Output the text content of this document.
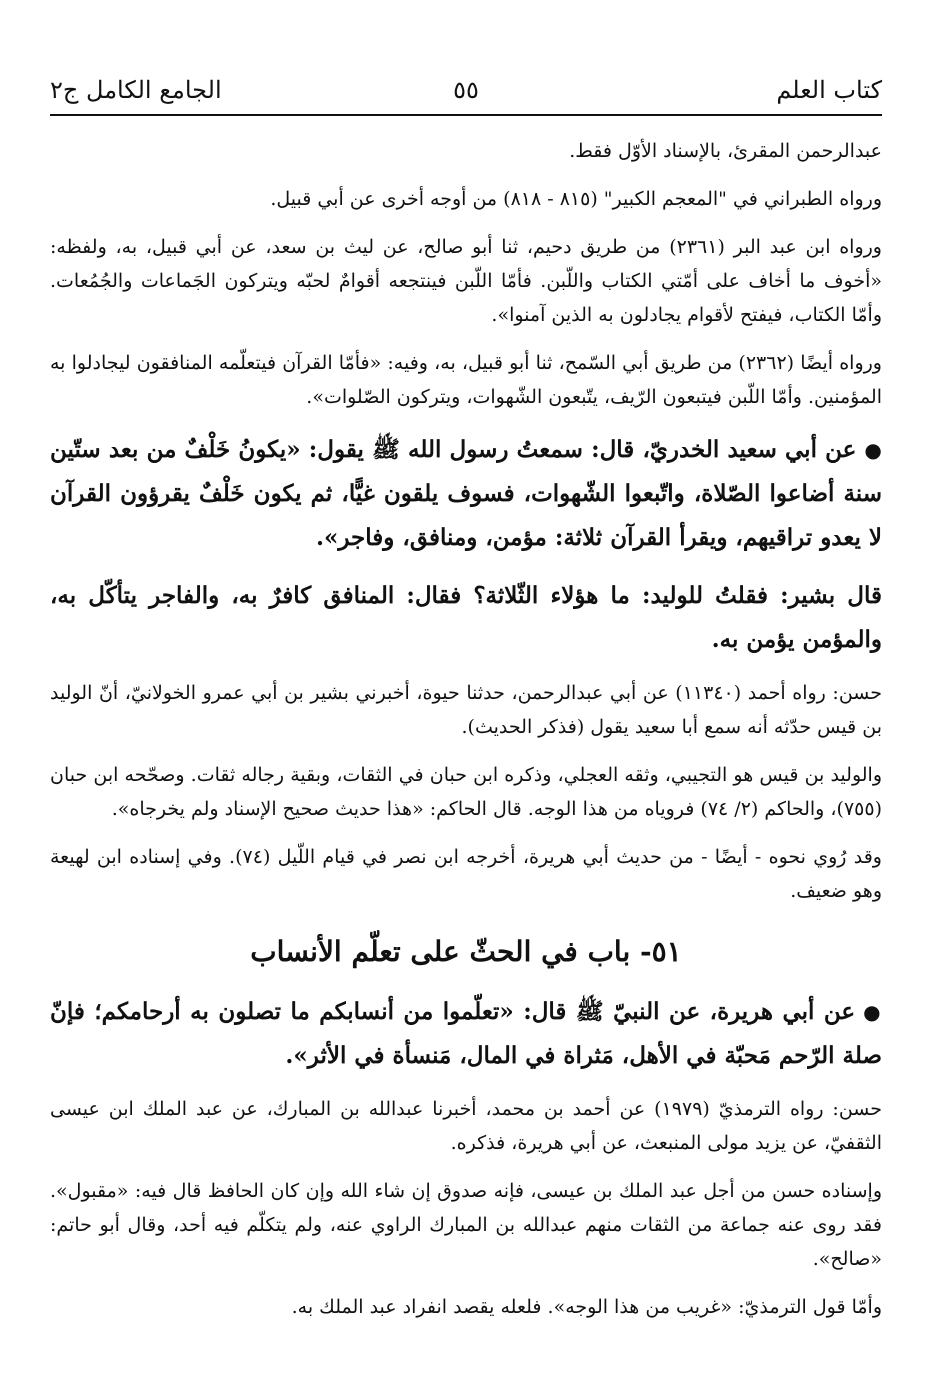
كتاب العلم
٥٥
الجامع الكامل ج٢
عبدالرحمن المقرئ، بالإسناد الأوّل فقط.
ورواه الطبراني في "المعجم الكبير" (٨١٥ - ٨١٨) من أوجه أخرى عن أبي قبيل.
ورواه ابن عبد البر (٢٣٦١) من طريق دحيم، ثنا أبو صالح، عن ليث بن سعد، عن أبي قبيل، به، ولفظه: «أخوف ما أخاف على أمّتي الكتاب واللّبن. فأمّا اللّبن فينتجعه أقوامٌ لحبّه ويتركون الجَماعات والجُمُعات. وأمّا الكتاب، فيفتح لأقوام يجادلون به الذين آمنوا».
ورواه أيضًا (٢٣٦٢) من طريق أبي السّمح، ثنا أبو قبيل، به، وفيه: «فأمّا القرآن فيتعلّمه المنافقون ليجادلوا به المؤمنين. وأمّا اللّبن فيتبعون الرّيف، يتّبعون الشّهوات، ويتركون الصّلوات».
●عن أبي سعيد الخدريّ، قال: سمعتُ رسول الله ﷺ يقول: «يكونُ خَلْفٌ من بعد ستّين سنة أضاعوا الصّلاة، واتّبعوا الشّهوات، فسوف يلقون غيًّا، ثم يكون خَلْفٌ يقرؤون القرآن لا يعدو تراقيهم، ويقرأ القرآن ثلاثة: مؤمن، ومنافق، وفاجر».
قال بشير: فقلتُ للوليد: ما هؤلاء الثّلاثة؟ فقال: المنافق كافرٌ به، والفاجر يتأكّل به، والمؤمن يؤمن به.
حسن: رواه أحمد (١١٣٤٠) عن أبي عبدالرحمن، حدثنا حيوة، أخبرني بشير بن أبي عمرو الخولانيّ، أنّ الوليد بن قيس حدّثه أنه سمع أبا سعيد يقول (فذكر الحديث).
والوليد بن قيس هو التجيبي، وثقه العجلي، وذكره ابن حبان في الثقات، وبقية رجاله ثقات. وصحّحه ابن حبان (٧٥٥)، والحاكم (٢/ ٧٤) فروياه من هذا الوجه. قال الحاكم: «هذا حديث صحيح الإسناد ولم يخرجاه».
وقد رُوي نحوه - أيضًا - من حديث أبي هريرة، أخرجه ابن نصر في قيام اللّيل (٧٤). وفي إسناده ابن لهيعة وهو ضعيف.
٥١- باب في الحثّ على تعلّم الأنساب
●عن أبي هريرة، عن النبيّ ﷺ قال: «تعلّموا من أنسابكم ما تصلون به أرحامكم؛ فإنّ صلة الرّحم مَحبّة في الأهل، مَثراة في المال، مَنسأة في الأثر».
حسن: رواه الترمذيّ (١٩٧٩) عن أحمد بن محمد، أخبرنا عبدالله بن المبارك، عن عبد الملك ابن عيسى الثقفيّ، عن يزيد مولى المنبعث، عن أبي هريرة، فذكره.
وإسناده حسن من أجل عبد الملك بن عيسى، فإنه صدوق إن شاء الله وإن كان الحافظ قال فيه: «مقبول». فقد روى عنه جماعة من الثقات منهم عبدالله بن المبارك الراوي عنه، ولم يتكلّم فيه أحد، وقال أبو حاتم: «صالح».
وأمّا قول الترمذيّ: «غريب من هذا الوجه». فلعله يقصد انفراد عبد الملك به.
